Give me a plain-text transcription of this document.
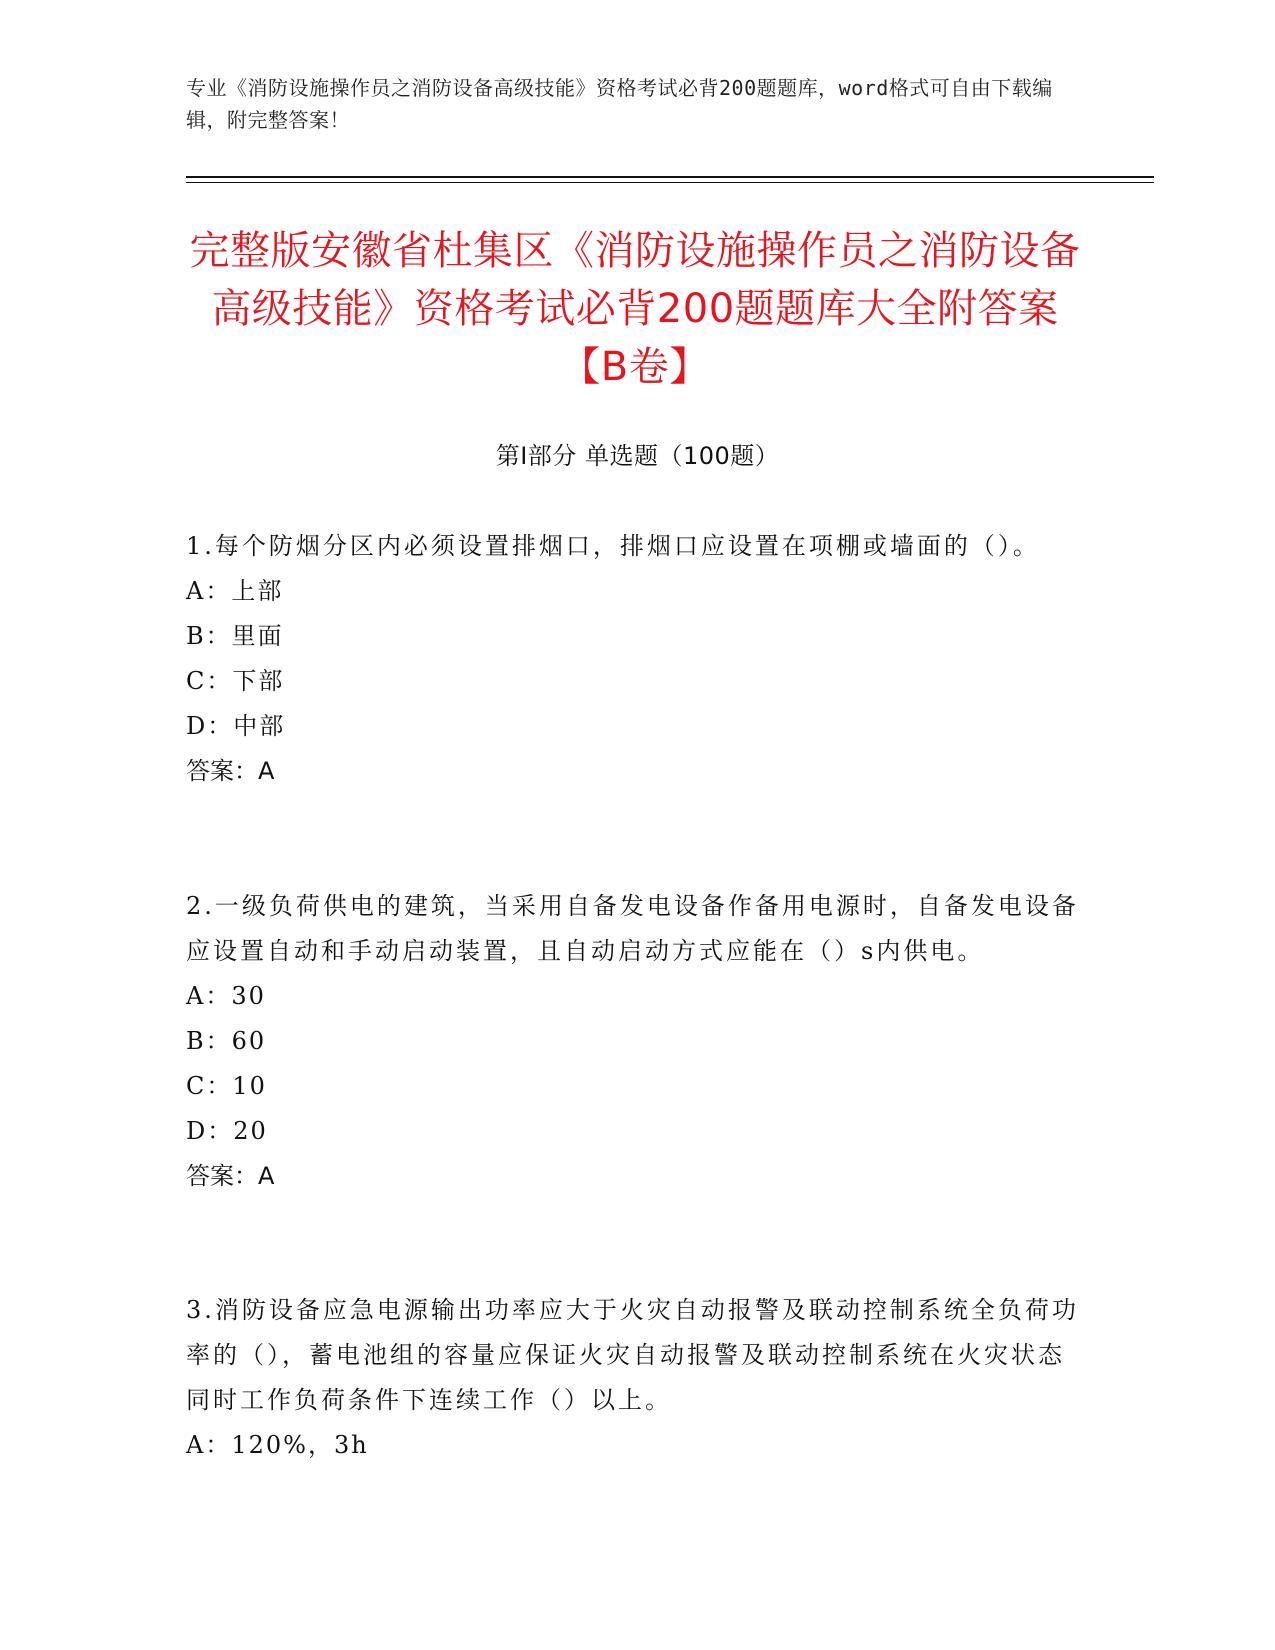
专业《消防设施操作员之消防设备高级技能》资格考试必背200题题库，word格式可自由下载编辑，附完整答案！
完整版安徽省杜集区《消防设施操作员之消防设备高级技能》资格考试必背200题题库大全附答案【B卷】
第I部分 单选题（100题）
1.每个防烟分区内必须设置排烟口，排烟口应设置在项棚或墙面的（）。
A：上部
B：里面
C：下部
D：中部
答案：A
2.一级负荷供电的建筑，当采用自备发电设备作备用电源时，自备发电设备应设置自动和手动启动装置，且自动启动方式应能在（）s内供电。
A：30
B：60
C：10
D：20
答案：A
3.消防设备应急电源输出功率应大于火灾自动报警及联动控制系统全负荷功率的（），蓄电池组的容量应保证火灾自动报警及联动控制系统在火灾状态同时工作负荷条件下连续工作（）以上。
A：120%，3h
